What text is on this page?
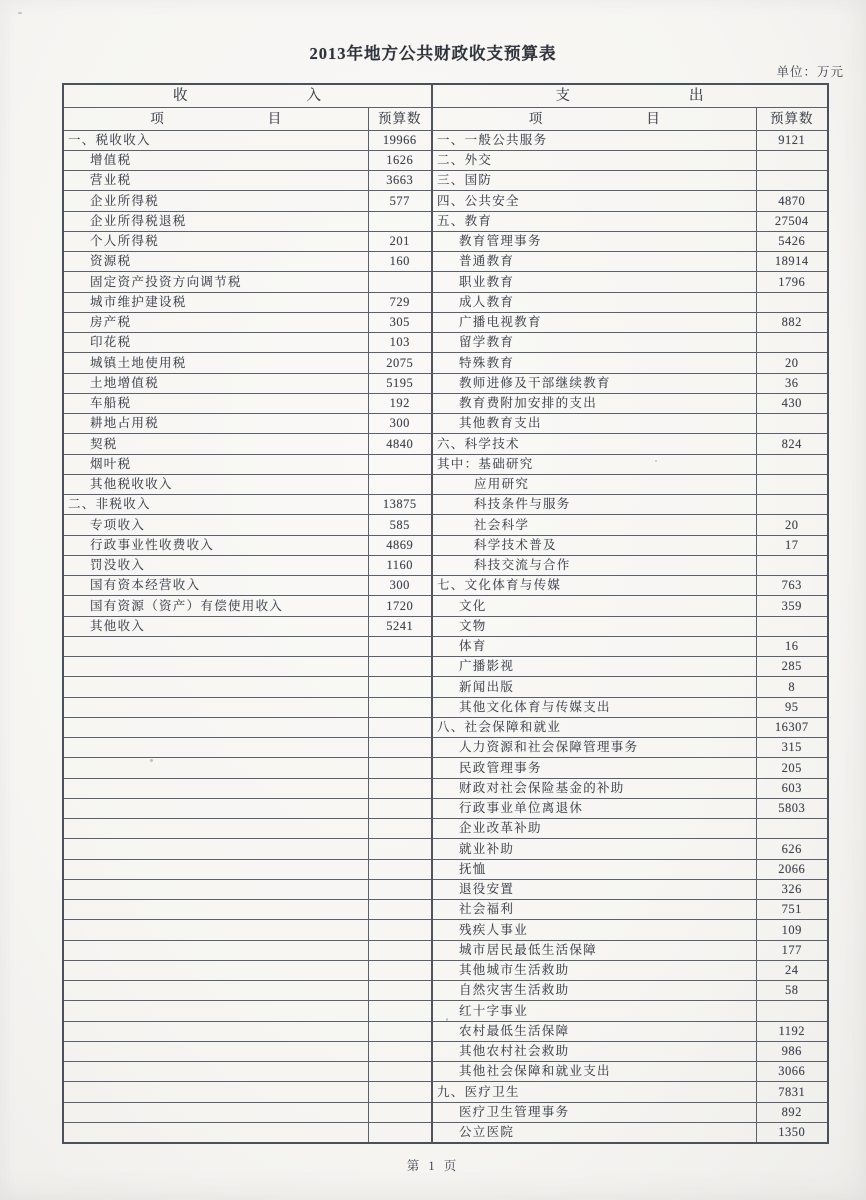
2013年地方公共财政收支预算表
单位：万元
收 入		支 出	

项 目	预算数	项 目	预算数
一、税收收入	19966	一、一般公共服务	9121
增值税	1626	二、外交	
营业税	3663	三、国防	
企业所得税	577	四、公共安全	4870
企业所得税退税		五、教育	27504
个人所得税	201	教育管理事务	5426
资源税	160	普通教育	18914
固定资产投资方向调节税		职业教育	1796
城市维护建设税	729	成人教育	
房产税	305	广播电视教育	882
印花税	103	留学教育	
城镇土地使用税	2075	特殊教育	20
土地增值税	5195	教师进修及干部继续教育	36
车船税	192	教育费附加安排的支出	430
耕地占用税	300	其他教育支出	
契税	4840	六、科学技术	824
烟叶税		其中：基础研究	
其他税收收入		应用研究	
二、非税收入	13875	科技条件与服务	
专项收入	585	社会科学	20
行政事业性收费收入	4869	科学技术普及	17
罚没收入	1160	科技交流与合作	
国有资本经营收入	300	七、文化体育与传媒	763
国有资源（资产）有偿使用收入	1720	文化	359
其他收入	5241	文物	
		体育	16
		广播影视	285
		新闻出版	8
		其他文化体育与传媒支出	95
		八、社会保障和就业	16307
		人力资源和社会保障管理事务	315
		民政管理事务	205
		财政对社会保险基金的补助	603
		行政事业单位离退休	5803
		企业改革补助	
		就业补助	626
		抚恤	2066
		退役安置	326
		社会福利	751
		残疾人事业	109
		城市居民最低生活保障	177
		其他城市生活救助	24
		自然灾害生活救助	58
		红十字事业	
		农村最低生活保障	1192
		其他农村社会救助	986
		其他社会保障和就业支出	3066
		九、医疗卫生	7831
		医疗卫生管理事务	892
		公立医院	1350
第 1 页
